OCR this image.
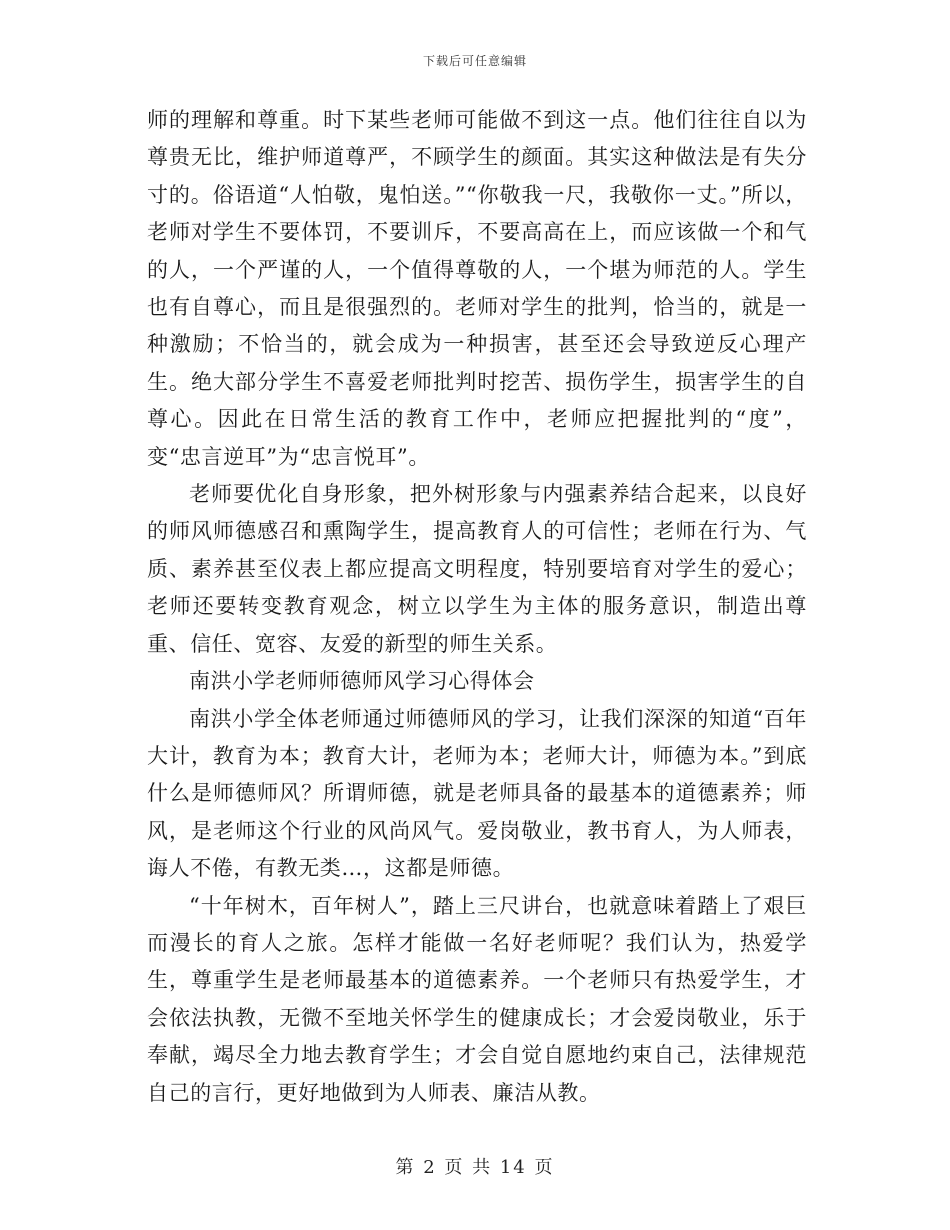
下载后可任意编辑

师的理解和尊重。时下某些老师可能做不到这一点。他们往往自以为尊贵无比，维护师道尊严，不顾学生的颜面。其实这种做法是有失分寸的。俗语道“人怕敬，鬼怕送。”“你敬我一尺，我敬你一丈。”所以，老师对学生不要体罚，不要训斥，不要高高在上，而应该做一个和气的人，一个严谨的人，一个值得尊敬的人，一个堪为师范的人。学生也有自尊心，而且是很强烈的。老师对学生的批判，恰当的，就是一种激励；不恰当的，就会成为一种损害，甚至还会导致逆反心理产生。绝大部分学生不喜爱老师批判时挖苦、损伤学生，损害学生的自尊心。因此在日常生活的教育工作中，老师应把握批判的“度”，变“忠言逆耳”为“忠言悦耳”。

老师要优化自身形象，把外树形象与内强素养结合起来，以良好的师风师德感召和熏陶学生，提高教育人的可信性；老师在行为、气质、素养甚至仪表上都应提高文明程度，特别要培育对学生的爱心；老师还要转变教育观念，树立以学生为主体的服务意识，制造出尊重、信任、宽容、友爱的新型的师生关系。

南洪小学老师师德师风学习心得体会

南洪小学全体老师通过师德师风的学习，让我们深深的知道“百年大计，教育为本；教育大计，老师为本；老师大计，师德为本。”到底什么是师德师风？所谓师德，就是老师具备的最基本的道德素养；师风，是老师这个行业的风尚风气。爱岗敬业，教书育人，为人师表，诲人不倦，有教无类…，这都是师德。

“十年树木，百年树人”，踏上三尺讲台，也就意味着踏上了艰巨而漫长的育人之旅。怎样才能做一名好老师呢？我们认为，热爱学生，尊重学生是老师最基本的道德素养。一个老师只有热爱学生，才会依法执教，无微不至地关怀学生的健康成长；才会爱岗敬业，乐于奉献，竭尽全力地去教育学生；才会自觉自愿地约束自己，法律规范自己的言行，更好地做到为人师表、廉洁从教。

第 2 页 共 14 页
